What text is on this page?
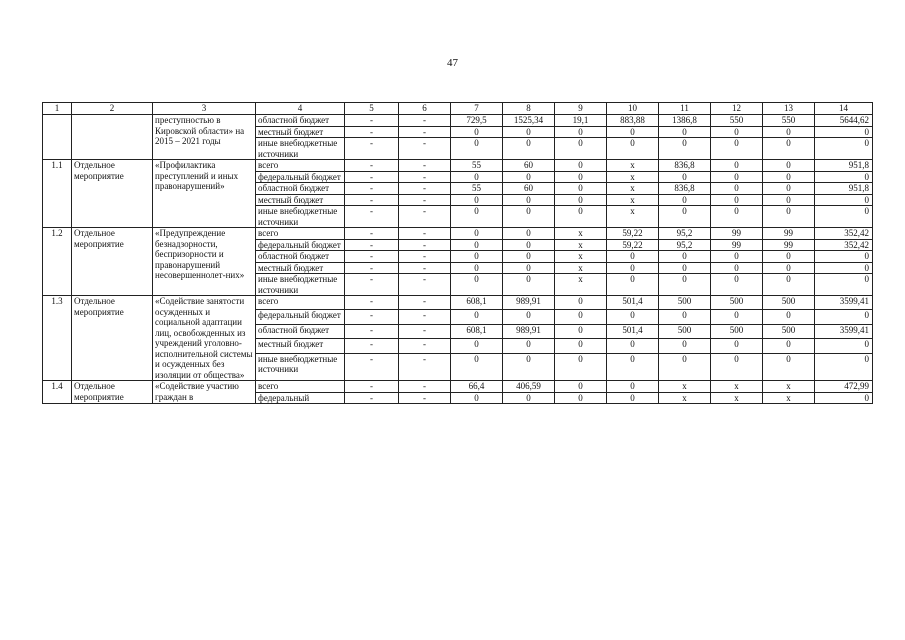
47
1	2	3	4	5	6	7	8	9	10	11	12	13	14
		преступностью в Кировской области» на 2015 – 2021 годы	областной бюджет	-	-	729,5	1525,34	19,1	883,88	1386,8	550	550	5644,62
			местный бюджет	-	-	0	0	0	0	0	0	0	0
			иные внебюджетные источники	-	-	0	0	0	0	0	0	0	0
1.1	Отдельное мероприятие	«Профилактика преступлений и иных правонарушений»	всего	-	-	55	60	0	x	836,8	0	0	951,8
			федеральный бюджет	-	-	0	0	0	x	0	0	0	0
			областной бюджет	-	-	55	60	0	x	836,8	0	0	951,8
			местный бюджет	-	-	0	0	0	x	0	0	0	0
			иные внебюджетные источники	-	-	0	0	0	x	0	0	0	0
1.2	Отдельное мероприятие	«Предупреждение безнадзорности, беспризорности и правонарушений несовершеннолет-них»	всего	-	-	0	0	x	59,22	95,2	99	99	352,42
			федеральный бюджет	-	-	0	0	x	59,22	95,2	99	99	352,42
			областной бюджет	-	-	0	0	x	0	0	0	0	0
			местный бюджет	-	-	0	0	x	0	0	0	0	0
			иные внебюджетные источники	-	-	0	0	x	0	0	0	0	0
1.3	Отдельное мероприятие	«Содействие занятости осужденных и социальной адаптации лиц, освобожденных из учреждений уголовно-исполнительной системы и осужденных без изоляции от общества»	всего	-	-	608,1	989,91	0	501,4	500	500	500	3599,41
			федеральный бюджет	-	-	0	0	0	0	0	0	0	0
			областной бюджет	-	-	608,1	989,91	0	501,4	500	500	500	3599,41
			местный бюджет	-	-	0	0	0	0	0	0	0	0
			иные внебюджетные источники	-	-	0	0	0	0	0	0	0	0
1.4	Отдельное мероприятие	«Содействие участию граждан в	всего	-	-	66,4	406,59	0	0	x	x	x	472,99
			федеральный	-	-	0	0	0	0	x	x	x	0
